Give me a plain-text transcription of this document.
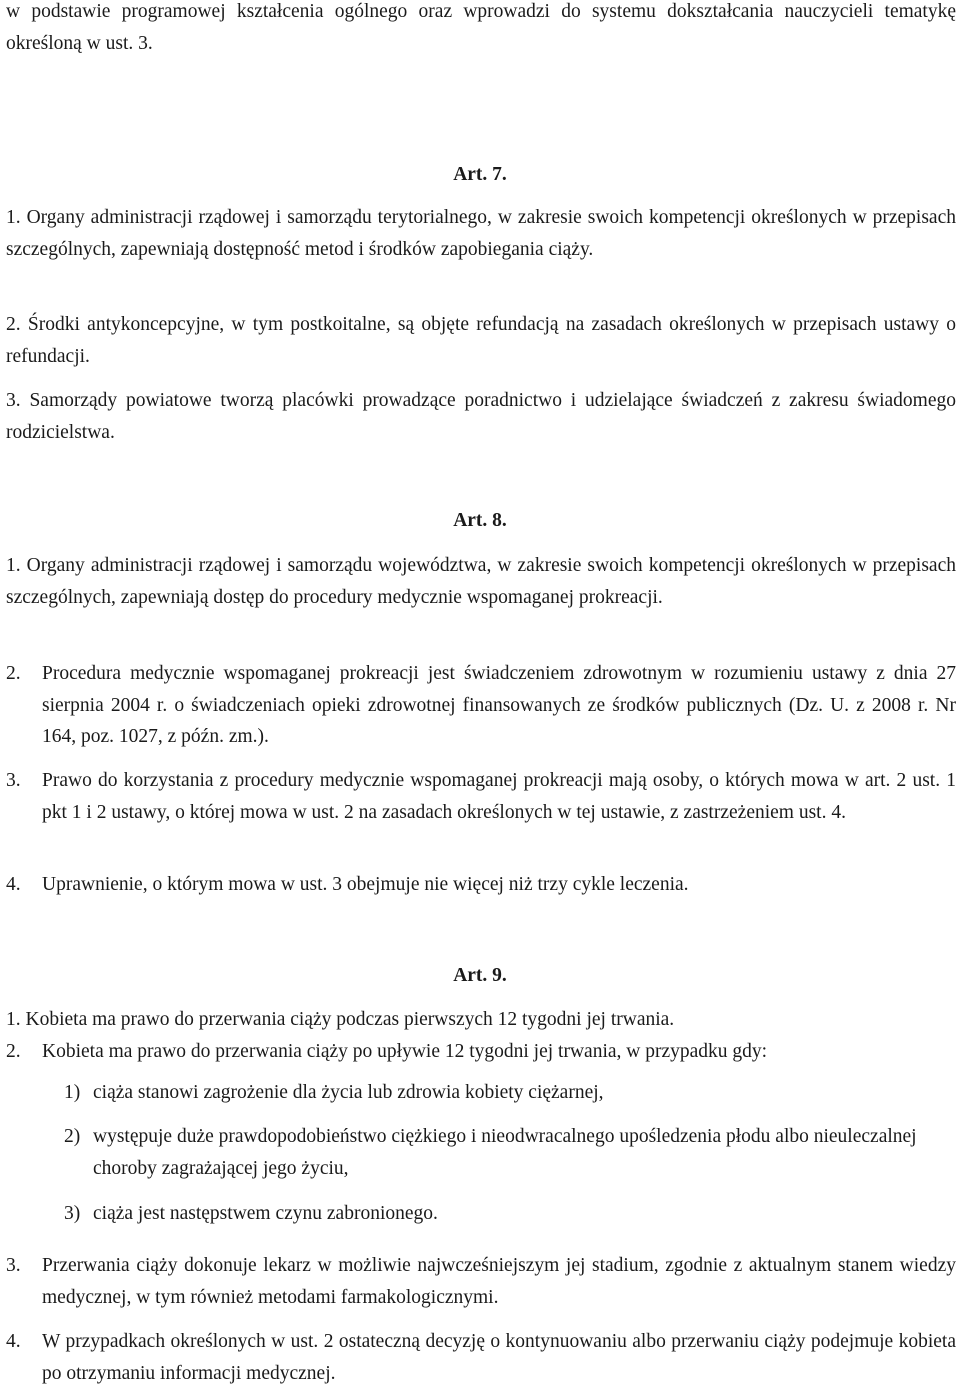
w podstawie programowej kształcenia ogólnego oraz wprowadzi do systemu dokształcania nauczycieli tematykę określoną w ust. 3.

Art. 7.

1. Organy administracji rządowej i samorządu terytorialnego, w zakresie swoich kompetencji określonych w przepisach szczególnych, zapewniają dostępność metod i środków zapobiegania ciąży.

2. Środki antykoncepcyjne, w tym postkoitalne, są objęte refundacją na zasadach określonych w przepisach ustawy o refundacji.

3. Samorządy powiatowe tworzą placówki prowadzące poradnictwo i udzielające świadczeń z zakresu świadomego rodzicielstwa.

Art. 8.

1. Organy administracji rządowej i samorządu województwa, w zakresie swoich kompetencji określonych w przepisach szczególnych, zapewniają dostęp do procedury medycznie wspomaganej prokreacji.

2.	Procedura medycznie wspomaganej prokreacji jest świadczeniem zdrowotnym w rozumieniu ustawy z dnia 27 sierpnia 2004 r. o świadczeniach opieki zdrowotnej finansowanych ze środków publicznych (Dz. U. z 2008 r. Nr 164, poz. 1027, z późn. zm.).

3.	Prawo do korzystania z procedury medycznie wspomaganej prokreacji mają osoby, o których mowa w art. 2 ust. 1 pkt 1 i 2 ustawy, o której mowa w ust. 2 na zasadach określonych w tej ustawie, z zastrzeżeniem ust. 4.

4.	Uprawnienie, o którym mowa w ust. 3 obejmuje nie więcej niż trzy cykle leczenia.

Art. 9.

1. Kobieta ma prawo do przerwania ciąży podczas pierwszych 12 tygodni jej trwania.

2.	Kobieta ma prawo do przerwania ciąży po upływie 12 tygodni jej trwania, w przypadku gdy:

1) ciąża stanowi zagrożenie dla życia lub zdrowia kobiety ciężarnej,

2) występuje duże prawdopodobieństwo ciężkiego i nieodwracalnego upośledzenia płodu albo nieuleczalnej choroby zagrażającej jego życiu,

3) ciąża jest następstwem czynu zabronionego.

3.	Przerwania ciąży dokonuje lekarz w możliwie najwcześniejszym jej stadium, zgodnie z aktualnym stanem wiedzy medycznej, w tym również metodami farmakologicznymi.

4.	W przypadkach określonych w ust. 2 ostateczną decyzję o kontynuowaniu albo przerwaniu ciąży podejmuje kobieta po otrzymaniu informacji medycznej.
